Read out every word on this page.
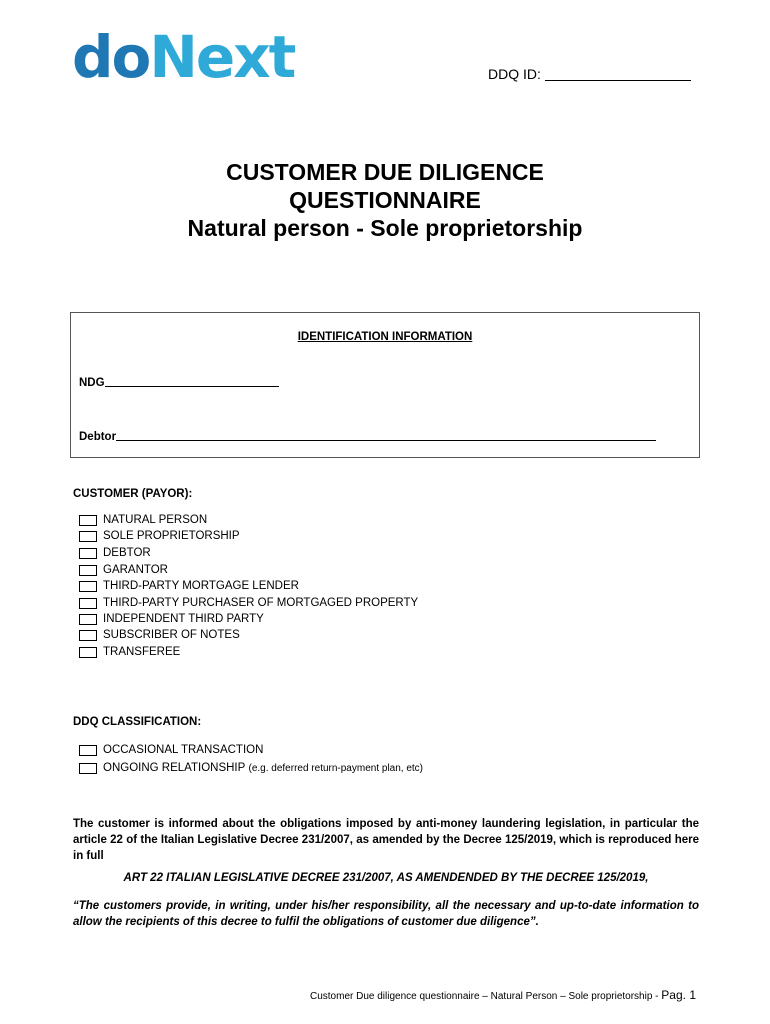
doNext	DDQ ID:
CUSTOMER DUE DILIGENCE
QUESTIONNAIRE
Natural person - Sole proprietorship
IDENTIFICATION INFORMATION
NDG
Debtor
CUSTOMER (PAYOR):
NATURAL PERSON
SOLE PROPRIETORSHIP
DEBTOR
GARANTOR
THIRD-PARTY MORTGAGE LENDER
THIRD-PARTY PURCHASER OF MORTGAGED PROPERTY
INDEPENDENT THIRD PARTY
SUBSCRIBER OF NOTES
TRANSFEREE
DDQ CLASSIFICATION:
OCCASIONAL TRANSACTION
ONGOING RELATIONSHIP
(e.g. deferred return-payment plan, etc)
The customer is informed about the obligations imposed by anti-money laundering legislation, in particular the article 22 of the Italian Legislative Decree 231/2007, as amended by the Decree 125/2019, which is reproduced here in full
ART 22 ITALIAN LEGISLATIVE DECREE 231/2007, AS AMENDENDED BY THE DECREE 125/2019,
“The customers provide, in writing, under his/her responsibility, all the necessary and up-to-date information to allow the recipients of this decree to fulfil the obligations of customer due diligence”.
Customer Due diligence questionnaire – Natural Person – Sole proprietorship - Pag. 1
